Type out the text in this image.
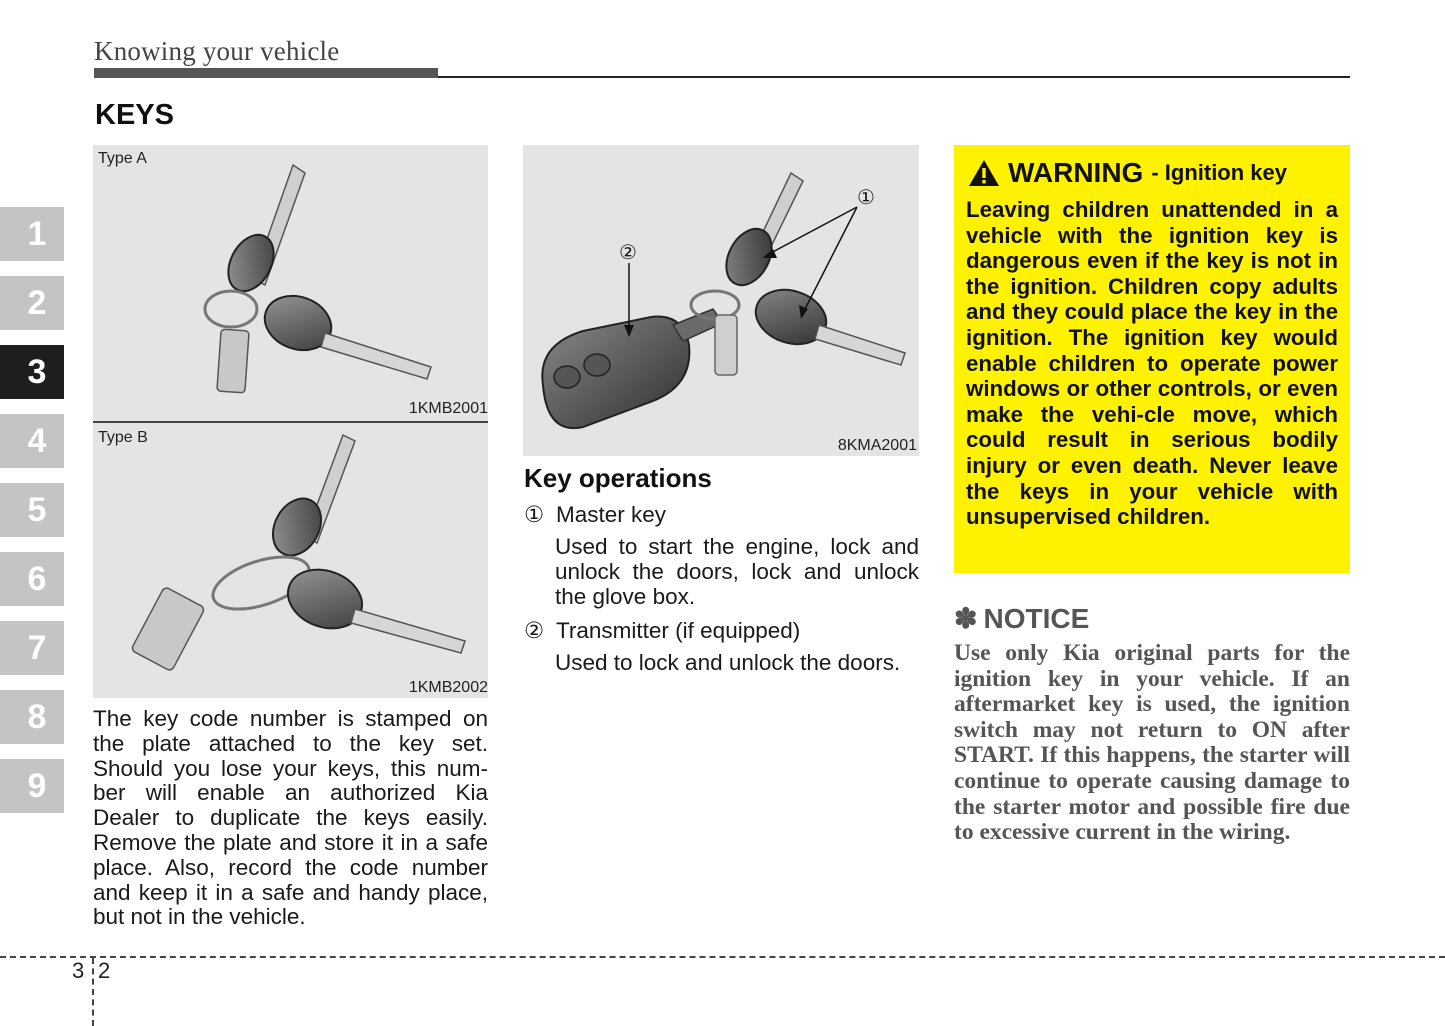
Knowing your vehicle
KEYS
1
2
3
4
5
6
7
8
9
Type A
1KMB2001
Type B
1KMB2002
The key code number is stamped on the plate attached to the key set. Should you lose your keys, this num-ber will enable an authorized Kia Dealer to duplicate the keys easily. Remove the plate and store it in a safe place. Also, record the code number and keep it in a safe and handy place, but not in the vehicle.
①
②
8KMA2001
Key operations
① Master key
Used to start the engine, lock and unlock the doors, lock and unlock the glove box.
② Transmitter (if equipped)
Used to lock and unlock the doors.
WARNING - Ignition key
Leaving children unattended in a vehicle with the ignition key is dangerous even if the key is not in the ignition. Children copy adults and they could place the key in the ignition. The ignition key would enable children to operate power windows or other controls, or even make the vehi-cle move, which could result in serious bodily injury or even death. Never leave the keys in your vehicle with unsupervised children.
✽ NOTICE
Use only Kia original parts for the ignition key in your vehicle. If an aftermarket key is used, the ignition switch may not return to ON after START. If this happens, the starter will continue to operate causing damage to the starter motor and possible fire due to excessive current in the wiring.
3 2
